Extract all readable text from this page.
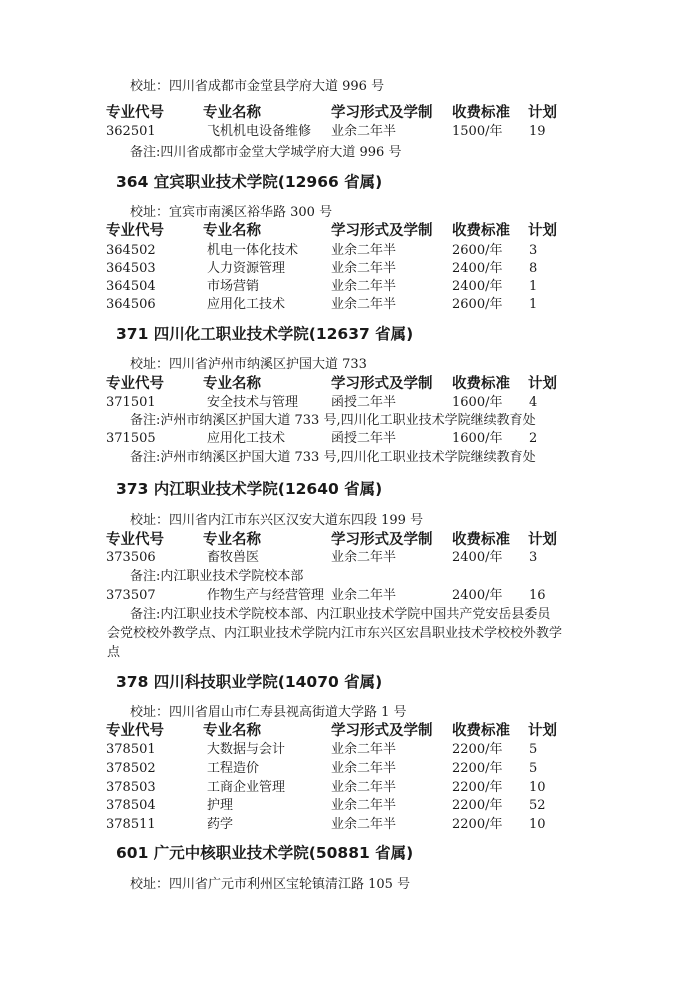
校址：四川省成都市金堂县学府大道 996 号
专业代号	专业名称	学习形式及学制 收费标准 计划
362501	飞机机电设备维修 业余二年半	1500/年 19
备注:四川省成都市金堂大学城学府大道 996 号
364 宜宾职业技术学院(12966 省属)
校址：宜宾市南溪区裕华路 300 号
专业代号	专业名称	学习形式及学制 收费标准 计划
364502	机电一体化技术	业余二年半	2600/年 3
364503	人力资源管理	业余二年半	2400/年 8
364504	市场营销	业余二年半	2400/年 1
364506	应用化工技术	业余二年半	2600/年 1
371 四川化工职业技术学院(12637 省属)
校址：四川省泸州市纳溪区护国大道 733
专业代号	专业名称	学习形式及学制 收费标准 计划
371501	安全技术与管理	函授二年半	1600/年 4
备注:泸州市纳溪区护国大道 733 号,四川化工职业技术学院继续教育处
371505	应用化工技术	函授二年半	1600/年 2
备注:泸州市纳溪区护国大道 733 号,四川化工职业技术学院继续教育处
373 内江职业技术学院(12640 省属)
校址：四川省内江市东兴区汉安大道东四段 199 号
专业代号	专业名称	学习形式及学制 收费标准 计划
373506	畜牧兽医	业余二年半	2400/年 3
备注:内江职业技术学院校本部
373507	作物生产与经营管理 业余二年半	2400/年 16
备注:内江职业技术学院校本部、内江职业技术学院中国共产党安岳县委员
会党校校外教学点、内江职业技术学院内江市东兴区宏昌职业技术学校校外教学
点
378 四川科技职业学院(14070 省属)
校址：四川省眉山市仁寿县视高街道大学路 1 号
专业代号	专业名称	学习形式及学制 收费标准 计划
378501	大数据与会计	业余二年半	2200/年 5
378502	工程造价	业余二年半	2200/年 5
378503	工商企业管理	业余二年半	2200/年 10
378504	护理	业余二年半	2200/年 52
378511	药学	业余二年半	2200/年 10
601 广元中核职业技术学院(50881 省属)
校址：四川省广元市利州区宝轮镇清江路 105 号
